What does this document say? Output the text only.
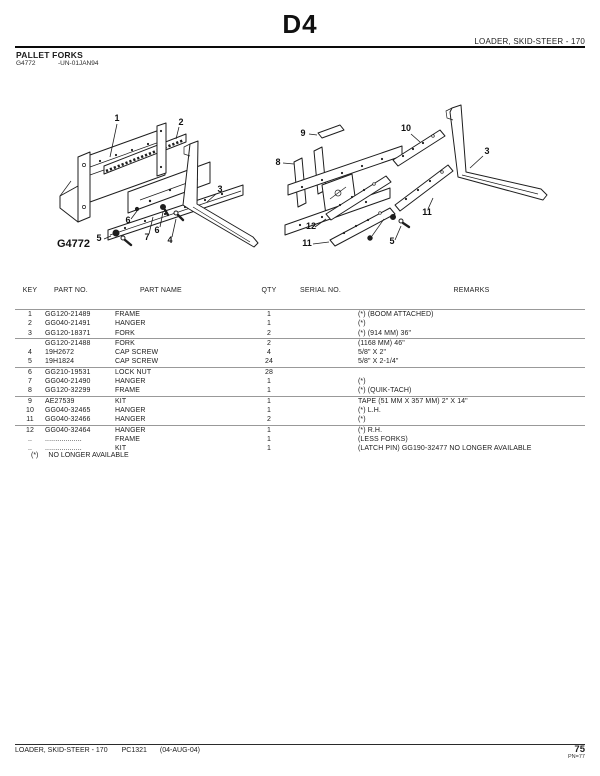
D4
LOADER, SKID-STEER - 170
PALLET FORKS
G4772	-UN-01JAN94
1	2
3
4
5
6
6
7
8
9	10
11
11
12
3
5
G4772
KEY	PART NO.	PART NAME	QTY	SERIAL NO.	REMARKS
1	GG120-21489	FRAME	1	(*) (BOOM ATTACHED)
2	GG040-21491	HANGER	1	(*)
3	GG120-18371	FORK	2	(*) (914 MM) 36"
GG120-21488	FORK	2	(1168 MM) 46"
4	19H2672	CAP SCREW	4	5/8" X 2"
5	19H1824	CAP SCREW	24	5/8" X 2-1/4"
6	GG210-19531	LOCK NUT	28
7	GG040-21490	HANGER	1	(*)
8	GG120-32299	FRAME	1	(*) (QUIK-TACH)
9	AE27539	KIT	1	TAPE (51 MM X 357 MM) 2" X 14"
10	GG040-32465	HANGER	1	(*) L.H.
11	GG040-32466	HANGER	2	(*)
12	GG040-32464	HANGER	1	(*) R.H.
..	..................	FRAME	1	(LESS FORKS)
..	..................	KIT	1	(LATCH PIN) GG190-32477 NO LONGER AVAILABLE
(*) NO LONGER AVAILABLE
LOADER, SKID-STEER - 170 PC1321 (04-AUG-04)	75
PN=77
